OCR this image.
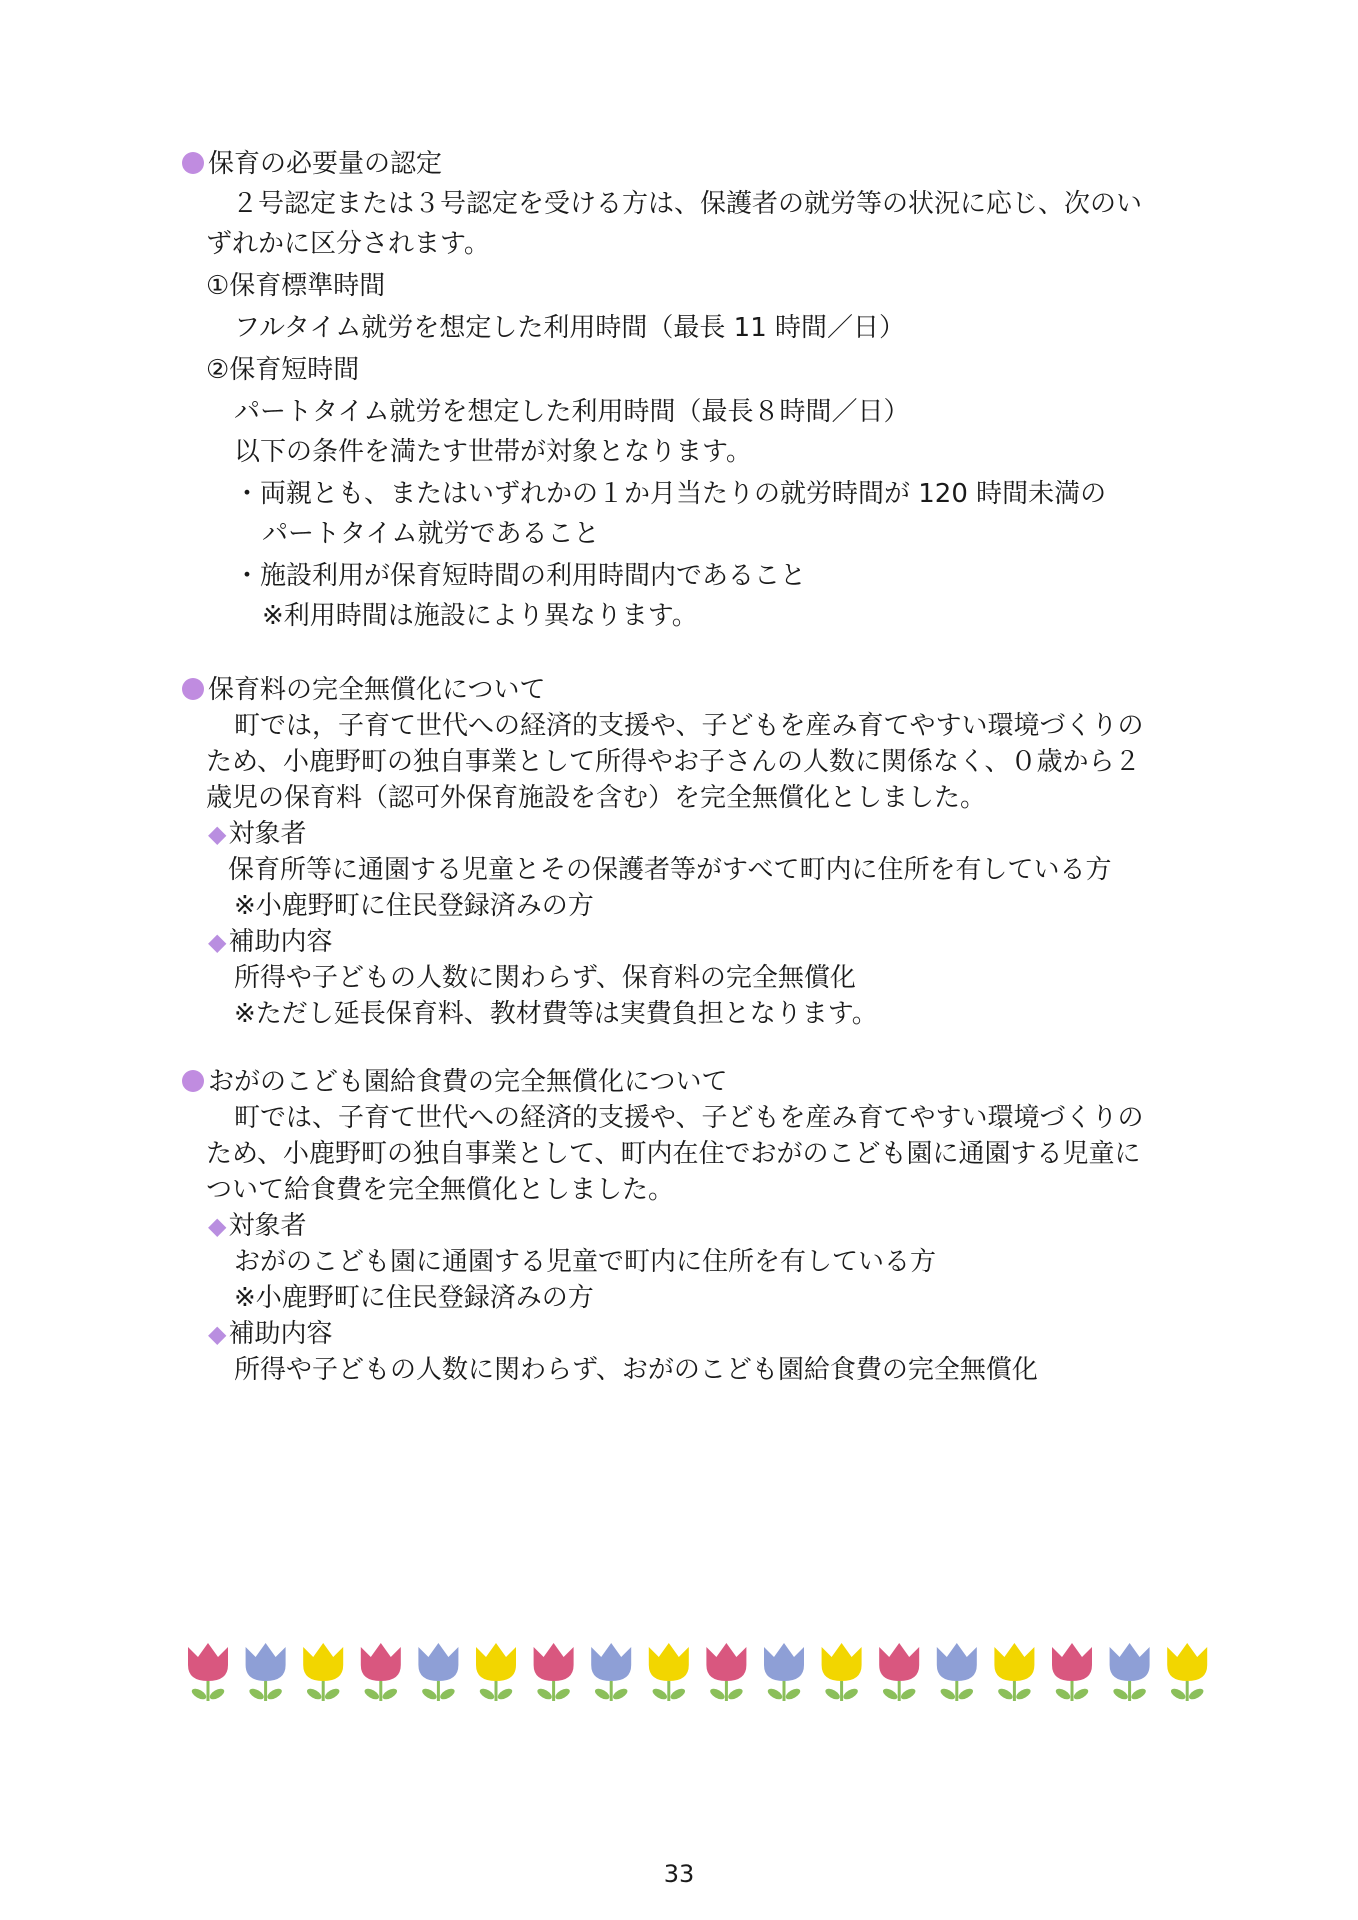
保育の必要量の認定
２号認定または３号認定を受ける方は、保護者の就労等の状況に応じ、次のい
ずれかに区分されます。
①保育標準時間
フルタイム就労を想定した利用時間（最長 11 時間／日）
②保育短時間
パートタイム就労を想定した利用時間（最長８時間／日）
以下の条件を満たす世帯が対象となります。
・両親とも、またはいずれかの１か月当たりの就労時間が 120 時間未満の
パートタイム就労であること
・施設利用が保育短時間の利用時間内であること
※利用時間は施設により異なります。
保育料の完全無償化について
町では，子育て世代への経済的支援や、子どもを産み育てやすい環境づくりの
ため、小鹿野町の独自事業として所得やお子さんの人数に関係なく、０歳から２
歳児の保育料（認可外保育施設を含む）を完全無償化としました。
◆対象者
保育所等に通園する児童とその保護者等がすべて町内に住所を有している方
※小鹿野町に住民登録済みの方
◆補助内容
所得や子どもの人数に関わらず、保育料の完全無償化
※ただし延長保育料、教材費等は実費負担となります。
おがのこども園給食費の完全無償化について
町では、子育て世代への経済的支援や、子どもを産み育てやすい環境づくりの
ため、小鹿野町の独自事業として、町内在住でおがのこども園に通園する児童に
ついて給食費を完全無償化としました。
◆対象者
おがのこども園に通園する児童で町内に住所を有している方
※小鹿野町に住民登録済みの方
◆補助内容
所得や子どもの人数に関わらず、おがのこども園給食費の完全無償化
33
